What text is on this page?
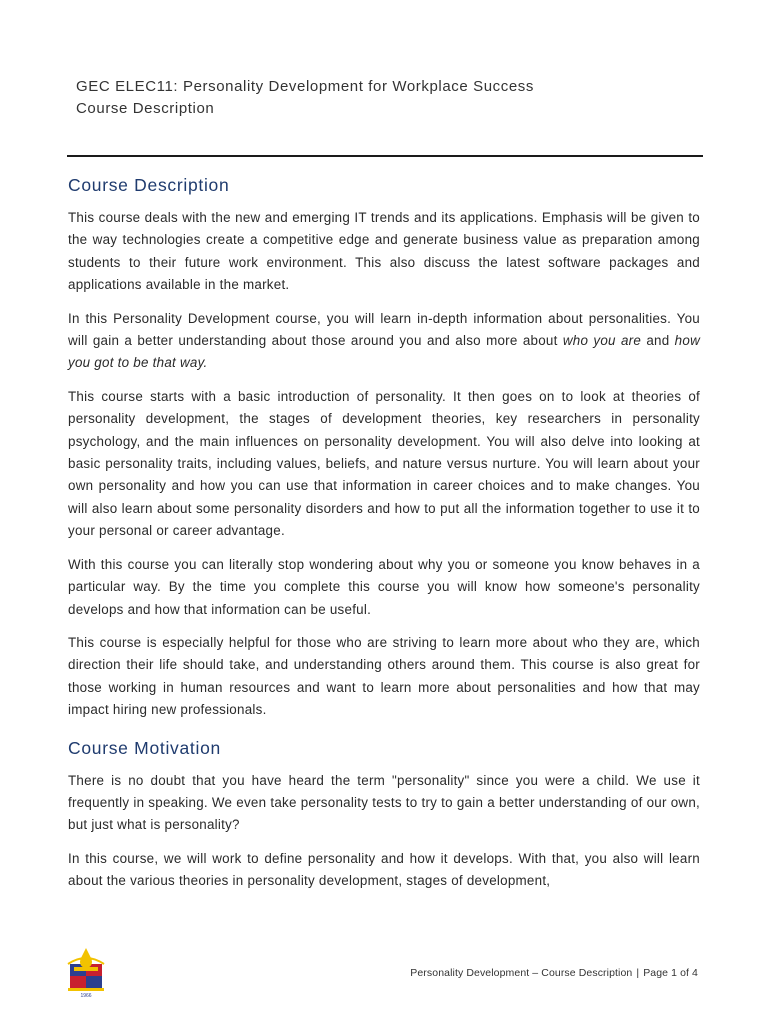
GEC ELEC11: Personality Development for Workplace Success
Course Description
Course Description

This course deals with the new and emerging IT trends and its applications. Emphasis will be given to the way technologies create a competitive edge and generate business value as preparation among students to their future work environment. This also discuss the latest software packages and applications available in the market.

In this Personality Development course, you will learn in-depth information about personalities. You will gain a better understanding about those around you and also more about who you are and how you got to be that way.

This course starts with a basic introduction of personality. It then goes on to look at theories of personality development, the stages of development theories, key researchers in personality psychology, and the main influences on personality development. You will also delve into looking at basic personality traits, including values, beliefs, and nature versus nurture. You will learn about your own personality and how you can use that information in career choices and to make changes. You will also learn about some personality disorders and how to put all the information together to use it to your personal or career advantage.

With this course you can literally stop wondering about why you or someone you know behaves in a particular way. By the time you complete this course you will know how someone's personality develops and how that information can be useful.

This course is especially helpful for those who are striving to learn more about who they are, which direction their life should take, and understanding others around them. This course is also great for those working in human resources and want to learn more about personalities and how that may impact hiring new professionals.

Course Motivation

There is no doubt that you have heard the term "personality" since you were a child. We use it frequently in speaking. We even take personality tests to try to gain a better understanding of our own, but just what is personality?

In this course, we will work to define personality and how it develops. With that, you also will learn about the various theories in personality development, stages of development,

1966
Personality Development – Course Description | Page 1 of 4
